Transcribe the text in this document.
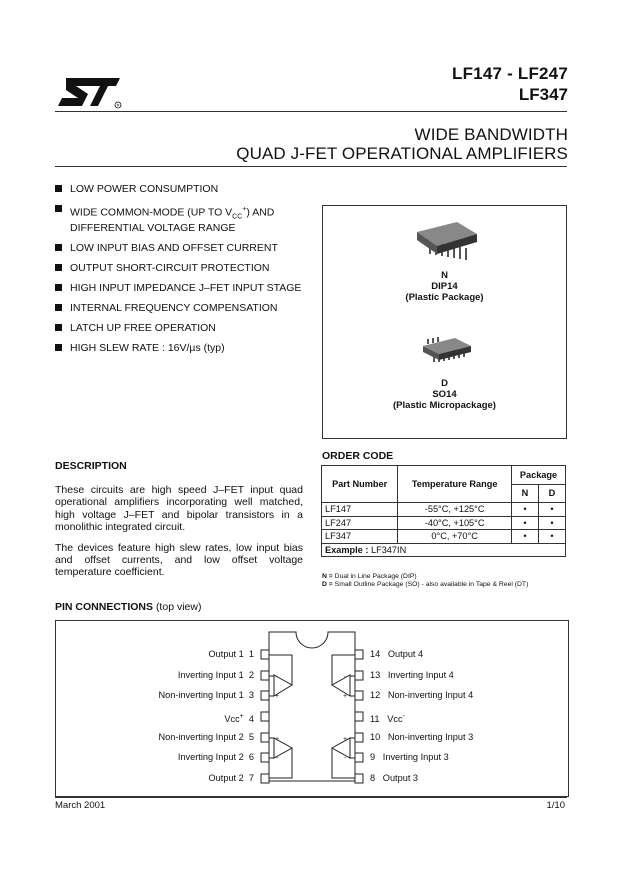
R
LF147 - LF247
LF347
WIDE BANDWIDTH
QUAD J-FET OPERATIONAL AMPLIFIERS
LOW POWER CONSUMPTION
WIDE COMMON-MODE (UP TO $V_{CC}^+$) AND DIFFERENTIAL VOLTAGE RANGE
LOW INPUT BIAS AND OFFSET CURRENT
OUTPUT SHORT-CIRCUIT PROTECTION
HIGH INPUT IMPEDANCE J–FET INPUT STAGE
INTERNAL FREQUENCY COMPENSATION
LATCH UP FREE OPERATION
HIGH SLEW RATE : 16V/µs (typ)
N
DIP14
(Plastic Package)
D
SO14
(Plastic Micropackage)
ORDER CODE
Part Number	Temperature Range	Package	
		N	D
LF147	-55°C, +125°C	•	•
LF247	-40°C, +105°C	•	•
LF347	0°C, +70°C	•	•
Example : LF347IN			
N = Dual in Line Package (DIP)
D = Small Outline Package (SO) - also available in Tape & Reel (DT)
DESCRIPTION

These circuits are high speed J–FET input quad operational amplifiers incorporating well matched, high voltage J–FET and bipolar transistors in a monolithic integrated circuit.

The devices feature high slew rates, low input bias and offset currents, and low offset voltage temperature coefficient.

PIN CONNECTIONS (top view)
-
+
+
-
-
+
+
-
Output 1 1
Inverting Input 1 2
Non-inverting Input 1 3
Vcc+ 4
Non-inverting Input 2 5
Inverting Input 2 6
Output 2 7
14 Output 4
13 Inverting Input 4
12 Non-inverting Input 4
11 Vcc-
10 Non-inverting Input 3
9 Inverting Input 3
8 Output 3
March 2001	1/10
